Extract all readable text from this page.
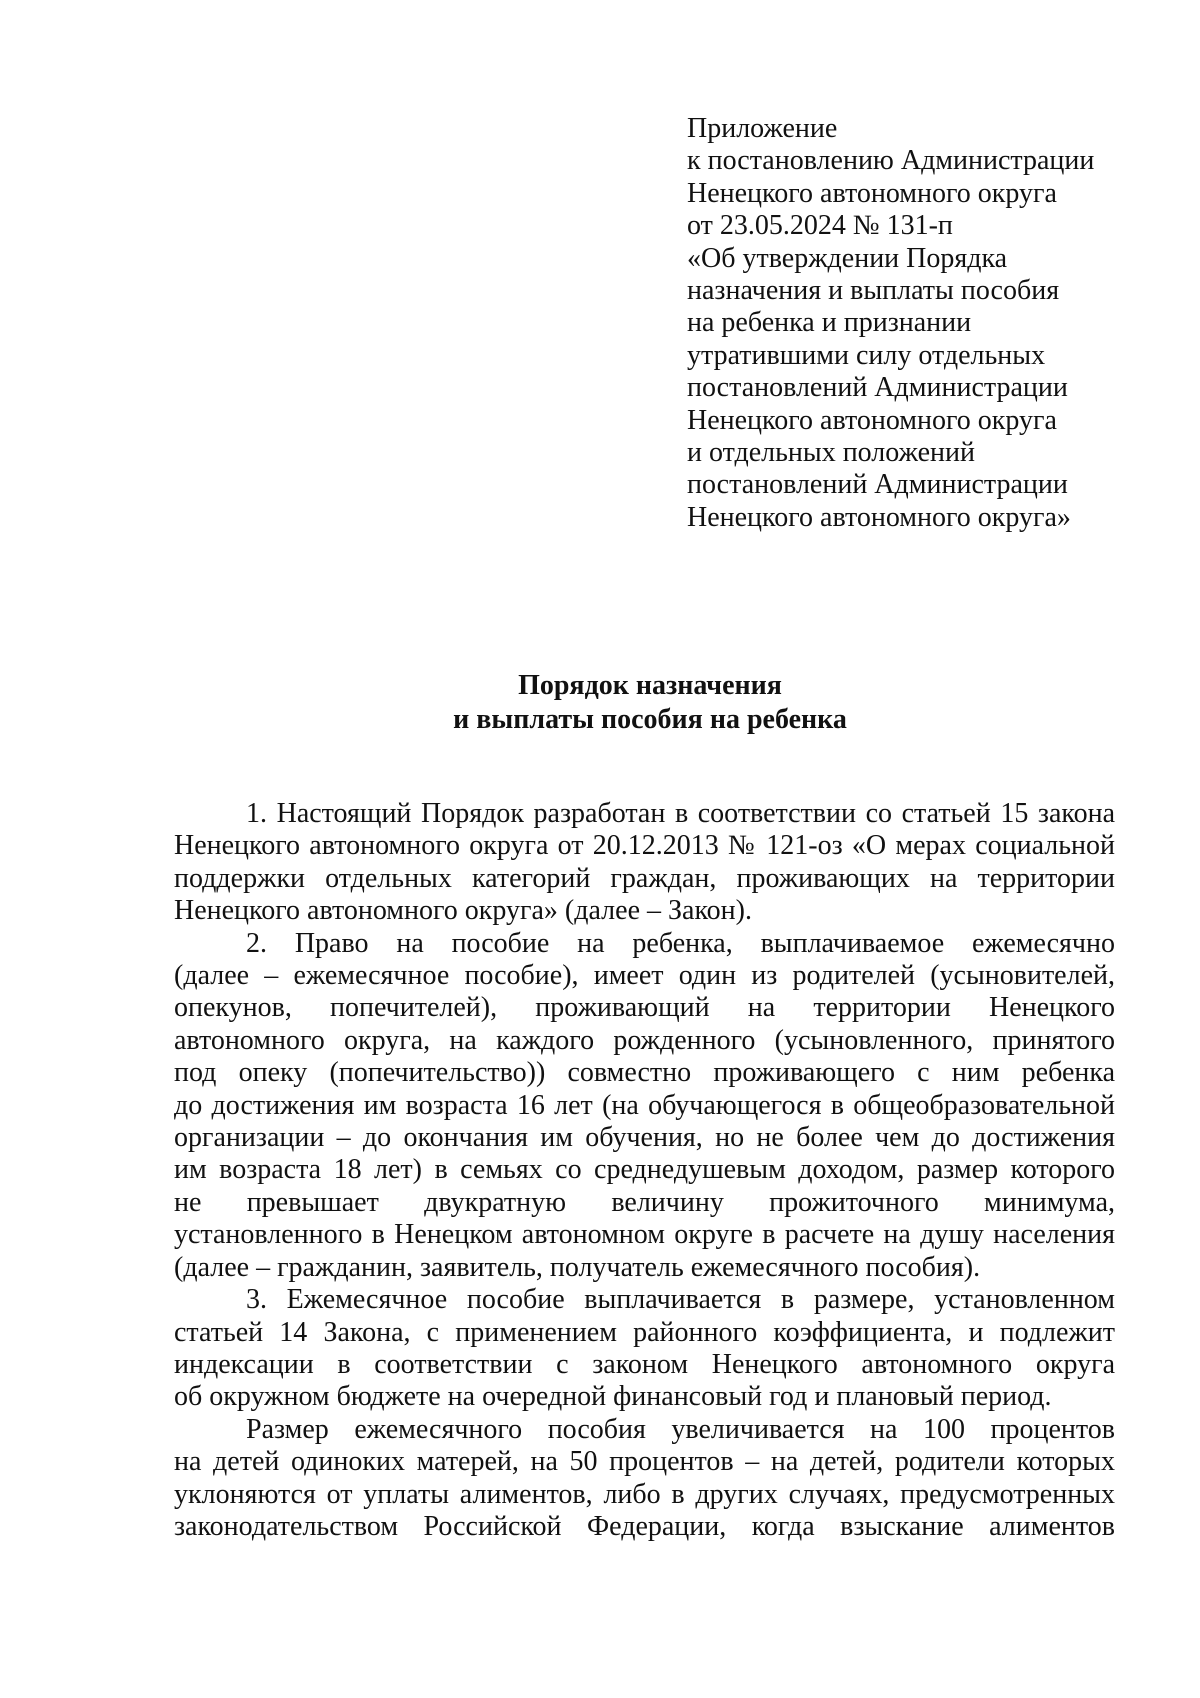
Приложение
к постановлению Администрации
Ненецкого автономного округа
от 23.05.2024 № 131-п
«Об утверждении Порядка
назначения и выплаты пособия
на ребенка и признании
утратившими силу отдельных
постановлений Администрации
Ненецкого автономного округа
и отдельных положений
постановлений Администрации
Ненецкого автономного округа»
Порядок назначения
и выплаты пособия на ребенка
1. Настоящий Порядок разработан в соответствии со статьей 15 закона
Ненецкого автономного округа от 20.12.2013 № 121-оз «О мерах социальной
поддержки отдельных категорий граждан, проживающих на территории
Ненецкого автономного округа» (далее – Закон).
2. Право на пособие на ребенка, выплачиваемое ежемесячно
(далее – ежемесячное пособие), имеет один из родителей (усыновителей,
опекунов, попечителей), проживающий на территории Ненецкого
автономного округа, на каждого рожденного (усыновленного, принятого
под опеку (попечительство)) совместно проживающего с ним ребенка
до достижения им возраста 16 лет (на обучающегося в общеобразовательной
организации – до окончания им обучения, но не более чем до достижения
им возраста 18 лет) в семьях со среднедушевым доходом, размер которого
не превышает двукратную величину прожиточного минимума,
установленного в Ненецком автономном округе в расчете на душу населения
(далее – гражданин, заявитель, получатель ежемесячного пособия).
3. Ежемесячное пособие выплачивается в размере, установленном
статьей 14 Закона, с применением районного коэффициента, и подлежит
индексации в соответствии с законом Ненецкого автономного округа
об окружном бюджете на очередной финансовый год и плановый период.
Размер ежемесячного пособия увеличивается на 100 процентов
на детей одиноких матерей, на 50 процентов – на детей, родители которых
уклоняются от уплаты алиментов, либо в других случаях, предусмотренных
законодательством Российской Федерации, когда взыскание алиментов
